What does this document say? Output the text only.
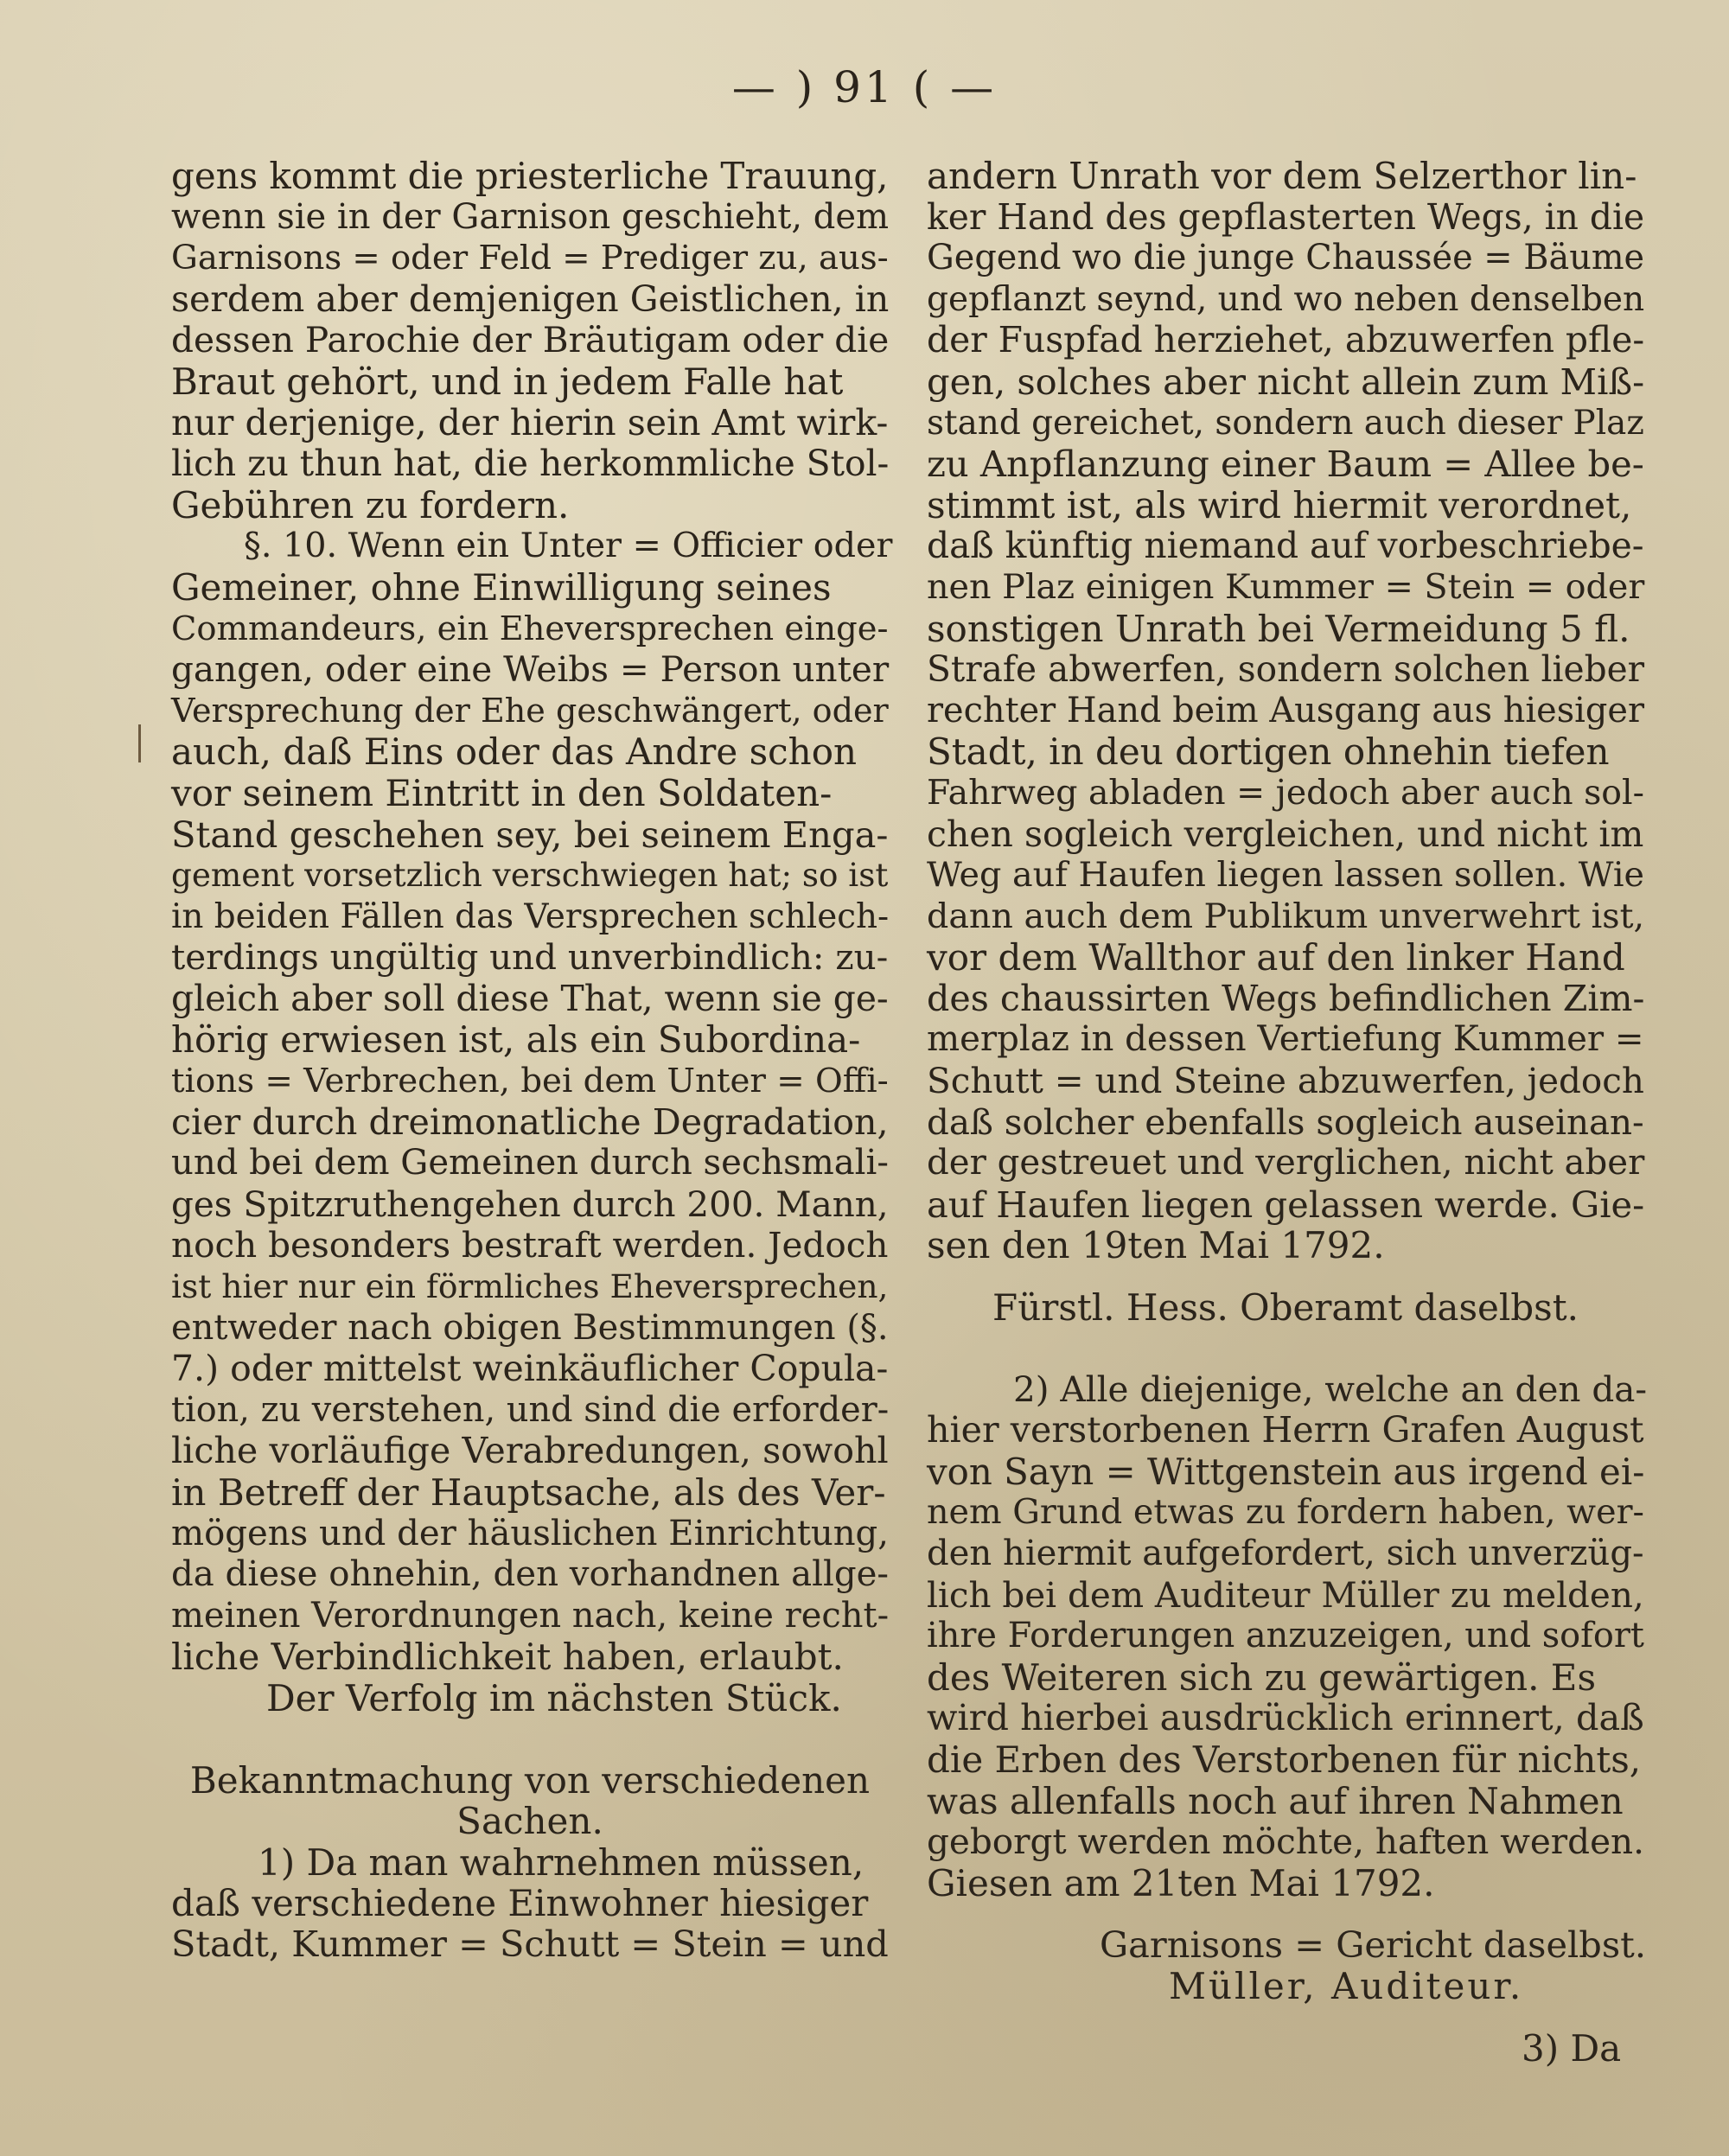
— ) 91 ( —
gens kommt die priesterliche Trauung,
wenn sie in der Garnison geschieht, dem
Garnisons = oder Feld = Prediger zu, aus-
serdem aber demjenigen Geistlichen, in
dessen Parochie der Bräutigam oder die
Braut gehört, und in jedem Falle hat
nur derjenige, der hierin sein Amt wirk-
lich zu thun hat, die herkommliche Stol-
Gebühren zu fordern.
§. 10. Wenn ein Unter = Officier oder
Gemeiner, ohne Einwilligung seines
Commandeurs, ein Eheversprechen einge-
gangen, oder eine Weibs = Person unter
Versprechung der Ehe geschwängert, oder
auch, daß Eins oder das Andre schon
vor seinem Eintritt in den Soldaten-
Stand geschehen sey, bei seinem Enga-
gement vorsetzlich verschwiegen hat; so ist
in beiden Fällen das Versprechen schlech-
terdings ungültig und unverbindlich: zu-
gleich aber soll diese That, wenn sie ge-
hörig erwiesen ist, als ein Subordina-
tions = Verbrechen, bei dem Unter = Offi-
cier durch dreimonatliche Degradation,
und bei dem Gemeinen durch sechsmali-
ges Spitzruthengehen durch 200. Mann,
noch besonders bestraft werden. Jedoch
ist hier nur ein förmliches Eheversprechen,
entweder nach obigen Bestimmungen (§.
7.) oder mittelst weinkäuflicher Copula-
tion, zu verstehen, und sind die erforder-
liche vorläufige Verabredungen, sowohl
in Betreff der Hauptsache, als des Ver-
mögens und der häuslichen Einrichtung,
da diese ohnehin, den vorhandnen allge-
meinen Verordnungen nach, keine recht-
liche Verbindlichkeit haben, erlaubt.
Der Verfolg im nächsten Stück.
Bekanntmachung von verschiedenen
Sachen.
1) Da man wahrnehmen müssen,
daß verschiedene Einwohner hiesiger
Stadt, Kummer = Schutt = Stein = und
andern Unrath vor dem Selzerthor lin-
ker Hand des gepflasterten Wegs, in die
Gegend wo die junge Chaussée = Bäume
gepflanzt seynd, und wo neben denselben
der Fuspfad herziehet, abzuwerfen pfle-
gen, solches aber nicht allein zum Miß-
stand gereichet, sondern auch dieser Plaz
zu Anpflanzung einer Baum = Allee be-
stimmt ist, als wird hiermit verordnet,
daß künftig niemand auf vorbeschriebe-
nen Plaz einigen Kummer = Stein = oder
sonstigen Unrath bei Vermeidung 5 fl.
Strafe abwerfen, sondern solchen lieber
rechter Hand beim Ausgang aus hiesiger
Stadt, in deu dortigen ohnehin tiefen
Fahrweg abladen = jedoch aber auch sol-
chen sogleich vergleichen, und nicht im
Weg auf Haufen liegen lassen sollen. Wie
dann auch dem Publikum unverwehrt ist,
vor dem Wallthor auf den linker Hand
des chaussirten Wegs befindlichen Zim-
merplaz in dessen Vertiefung Kummer =
Schutt = und Steine abzuwerfen, jedoch
daß solcher ebenfalls sogleich auseinan-
der gestreuet und verglichen, nicht aber
auf Haufen liegen gelassen werde. Gie-
sen den 19ten Mai 1792.
Fürstl. Hess. Oberamt daselbst.
2) Alle diejenige, welche an den da-
hier verstorbenen Herrn Grafen August
von Sayn = Wittgenstein aus irgend ei-
nem Grund etwas zu fordern haben, wer-
den hiermit aufgefordert, sich unverzüg-
lich bei dem Auditeur Müller zu melden,
ihre Forderungen anzuzeigen, und sofort
des Weiteren sich zu gewärtigen. Es
wird hierbei ausdrücklich erinnert, daß
die Erben des Verstorbenen für nichts,
was allenfalls noch auf ihren Nahmen
geborgt werden möchte, haften werden.
Giesen am 21ten Mai 1792.
Garnisons = Gericht daselbst.
Müller, Auditeur.
3) Da
